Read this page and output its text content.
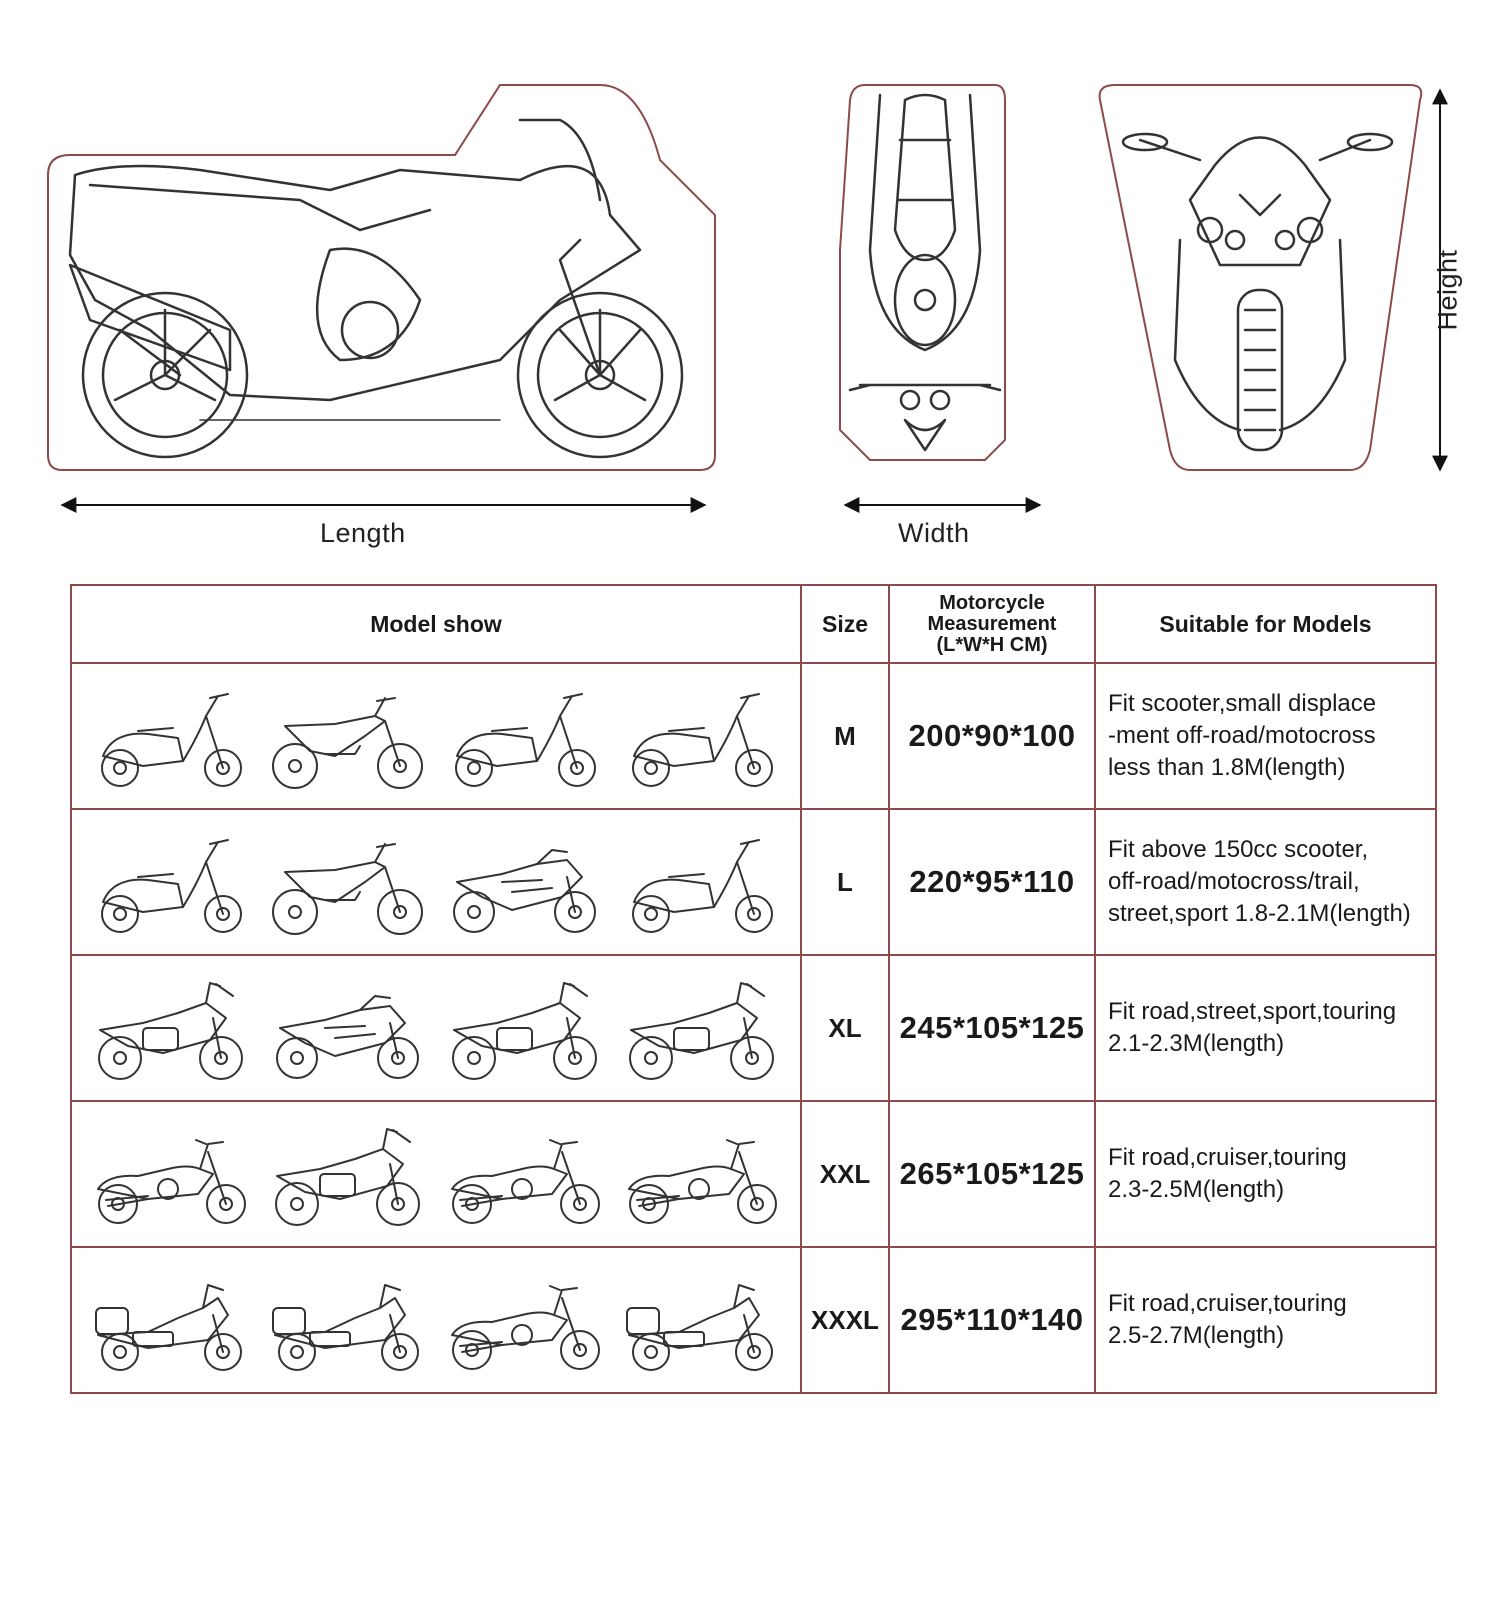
Length	Width
Height
Model show	Size	Motorcycle
Measurement
(L*W*H CM)	Suitable for Models

	M	200*90*100	Fit scooter,small displace
-ment off-road/motocross
less than 1.8M(length)

	L	220*95*110	Fit above 150cc scooter,
off-road/motocross/trail,
street,sport 1.8-2.1M(length)

	XL	245*105*125	Fit road,street,sport,touring
2.1-2.3M(length)

	XXL	265*105*125	Fit road,cruiser,touring
2.3-2.5M(length)

	XXXL	295*110*140	Fit road,cruiser,touring
2.5-2.7M(length)
